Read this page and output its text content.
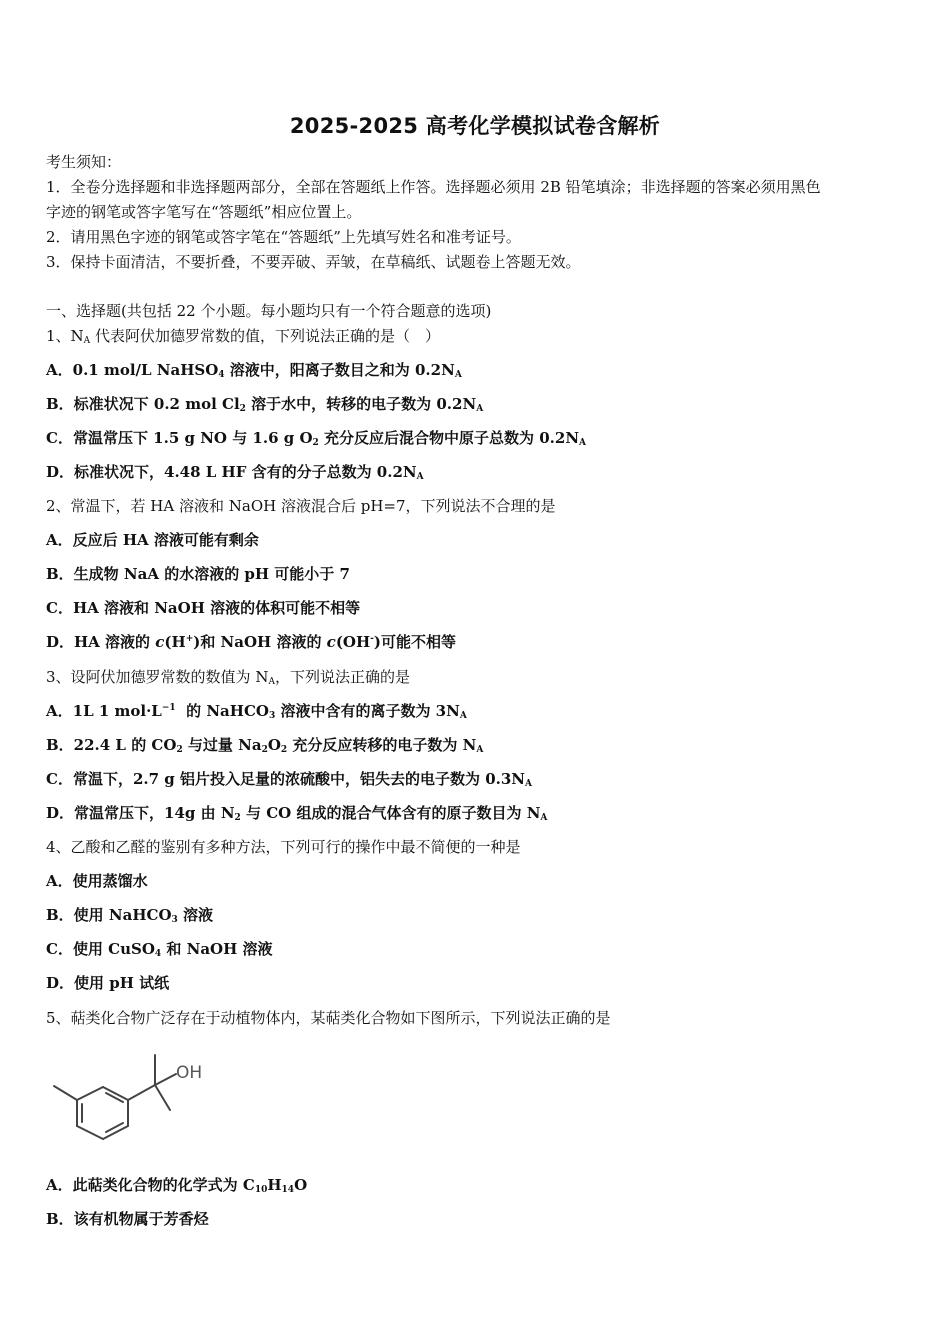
2025-2025 高考化学模拟试卷含解析
考生须知：
1．全卷分选择题和非选择题两部分，全部在答题纸上作答。选择题必须用 2B 铅笔填涂；非选择题的答案必须用黑色
字迹的钢笔或答字笔写在“答题纸”相应位置上。
2．请用黑色字迹的钢笔或答字笔在“答题纸”上先填写姓名和准考证号。
3．保持卡面清洁，不要折叠，不要弄破、弄皱，在草稿纸、试题卷上答题无效。
一、选择题(共包括 22 个小题。每小题均只有一个符合题意的选项)
1、$N_A$ 代表阿伏加德罗常数的值，下列说法正确的是（　）
A．0.1 mol/L NaHSO$_4$ 溶液中，阳离子数目之和为 $0.2N_A$
B．标准状况下 0.2 mol $Cl_2$ 溶于水中，转移的电子数为 $0.2N_A$
C．常温常压下 1.5 g NO 与 1.6 g $O_2$ 充分反应后混合物中原子总数为 $0.2N_A$
D．标准状况下，4.48 L HF 含有的分子总数为 $0.2N_A$
2、常温下，若 HA 溶液和 NaOH 溶液混合后 pH=7，下列说法不合理的是
A．反应后 HA 溶液可能有剩余
B．生成物 NaA 的水溶液的 pH 可能小于 7
C．HA 溶液和 NaOH 溶液的体积可能不相等
D．HA 溶液的 c(H+)和 NaOH 溶液的 c(OH-)可能不相等
3、设阿伏加德罗常数的数值为 $N_A$，下列说法正确的是
A．1L 1 $mol\cdot L^{-1}$  的 NaHCO$_3$ 溶液中含有的离子数为 $3N_A$
B．22.4 L 的 $CO_2$ 与过量 $Na_2O_2$ 充分反应转移的电子数为 $N_A$
C．常温下，2.7 g 铝片投入足量的浓硫酸中，铝失去的电子数为 $0.3N_A$
D．常温常压下，14g 由 $N_2$ 与 CO 组成的混合气体含有的原子数目为 $N_A$
4、乙酸和乙醛的鉴别有多种方法，下列可行的操作中最不简便的一种是
A．使用蒸馏水
B．使用 NaHCO$_3$ 溶液
C．使用 CuSO$_4$ 和 NaOH 溶液
D．使用 pH 试纸
5、萜类化合物广泛存在于动植物体内，某萜类化合物如下图所示，下列说法正确的是
OH
A．此萜类化合物的化学式为 $C_{10}H_{14}O$
B．该有机物属于芳香烃
